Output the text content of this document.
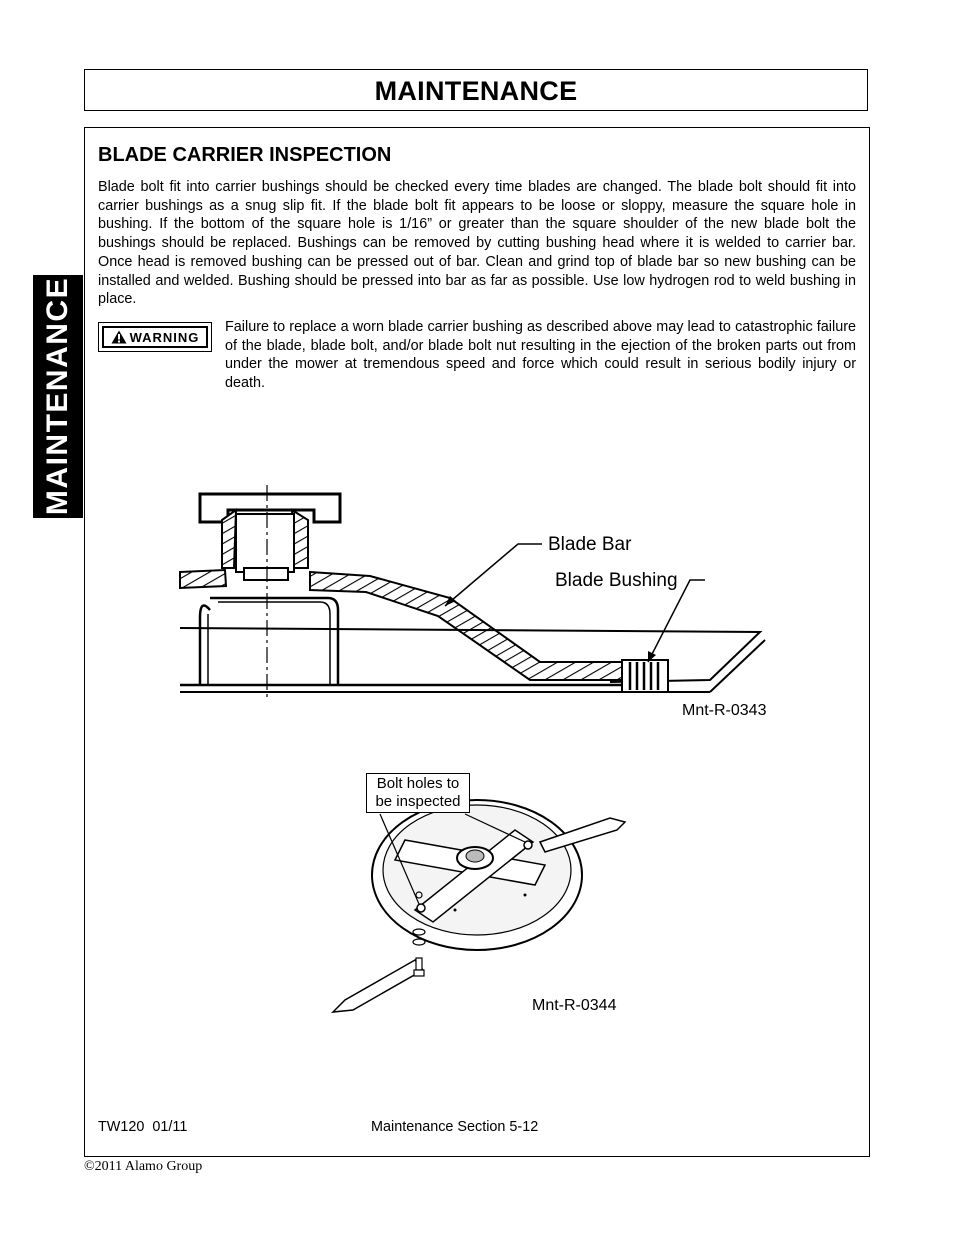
MAINTENANCE
MAINTENANCE
BLADE CARRIER INSPECTION
Blade bolt fit into carrier bushings should be checked every time blades are changed. The blade bolt should fit into carrier bushings as a snug slip fit. If the blade bolt fit appears to be loose or sloppy, measure the square hole in bushing. If the bottom of the square hole is 1/16” or greater than the square shoulder of the new blade bolt the bushings should be replaced. Bushings can be removed by cutting bushing head where it is welded to carrier bar. Once head is removed bushing can be pressed out of bar. Clean and grind top of blade bar so new bushing can be installed and welded. Bushing should be pressed into bar as far as possible. Use low hydrogen rod to weld bushing in place.
WARNING
Failure to replace a worn blade carrier bushing as described above may lead to catastrophic failure of the blade, blade bolt, and/or blade bolt nut resulting in the ejection of the broken parts out from under the mower at tremendous speed and force which could result in serious bodily injury or death.
Blade Bar
Blade Bushing
Mnt-R-0343
Bolt holes to be inspected
Mnt-R-0344
TW120  01/11	Maintenance Section 5-12
©2011 Alamo Group
